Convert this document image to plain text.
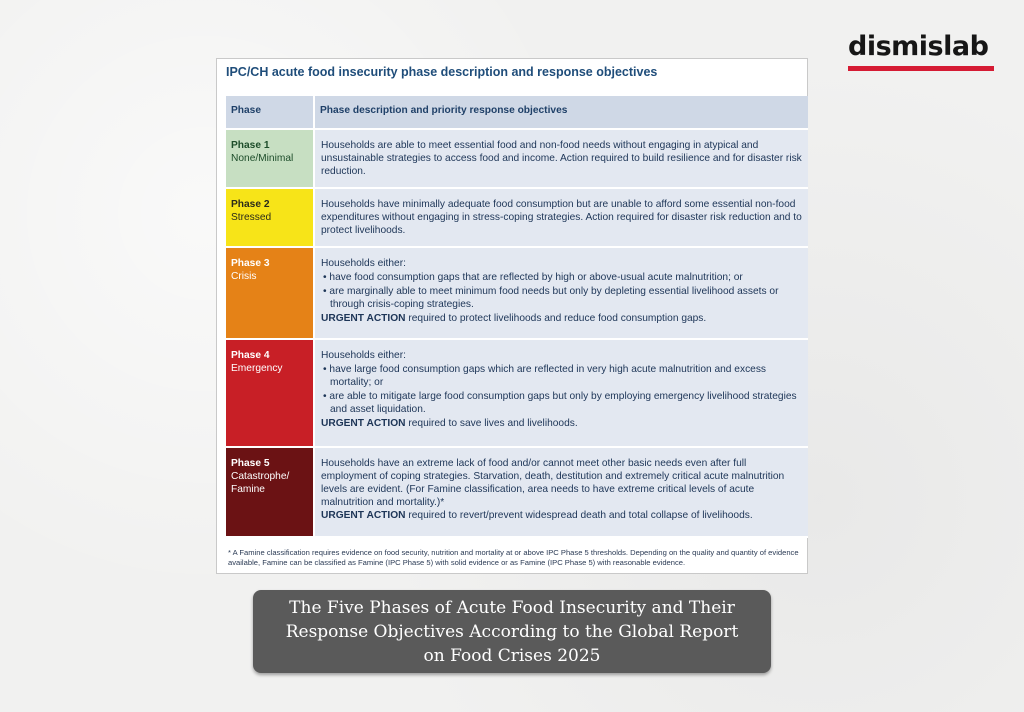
dismislab
IPC/CH acute food insecurity phase description and response objectives
Phase	Phase description and priority response objectives

Phase 1
None/Minimal	Households are able to meet essential food and non-food needs without engaging in atypical and unsustainable strategies to access food and income. Action required to build resilience and for disaster risk reduction.

Phase 2
Stressed	Households have minimally adequate food consumption but are unable to afford some essential non-food expenditures without engaging in stress-coping strategies. Action required for disaster risk reduction and to protect livelihoods.

Phase 3
Crisis	Households either:
• have food consumption gaps that are reflected by high or above-usual acute malnutrition; or
• are marginally able to meet minimum food needs but only by depleting essential livelihood assets or through crisis-coping strategies.
URGENT ACTION required to protect livelihoods and reduce food consumption gaps.

Phase 4
Emergency	Households either:
• have large food consumption gaps which are reflected in very high acute malnutrition and excess mortality; or
• are able to mitigate large food consumption gaps but only by employing emergency livelihood strategies and asset liquidation.
URGENT ACTION required to save lives and livelihoods.

Phase 5
Catastrophe/ Famine	Households have an extreme lack of food and/or cannot meet other basic needs even after full employment of coping strategies. Starvation, death, destitution and extremely critical acute malnutrition levels are evident. (For Famine classification, area needs to have extreme critical levels of acute malnutrition and mortality.)*
URGENT ACTION required to revert/prevent widespread death and total collapse of livelihoods.
* A Famine classification requires evidence on food security, nutrition and mortality at or above IPC Phase 5 thresholds. Depending on the quality and quantity of evidence available, Famine can be classified as Famine (IPC Phase 5) with solid evidence or as Famine (IPC Phase 5) with reasonable evidence.
The Five Phases of Acute Food Insecurity and Their Response Objectives According to the Global Report on Food Crises 2025
